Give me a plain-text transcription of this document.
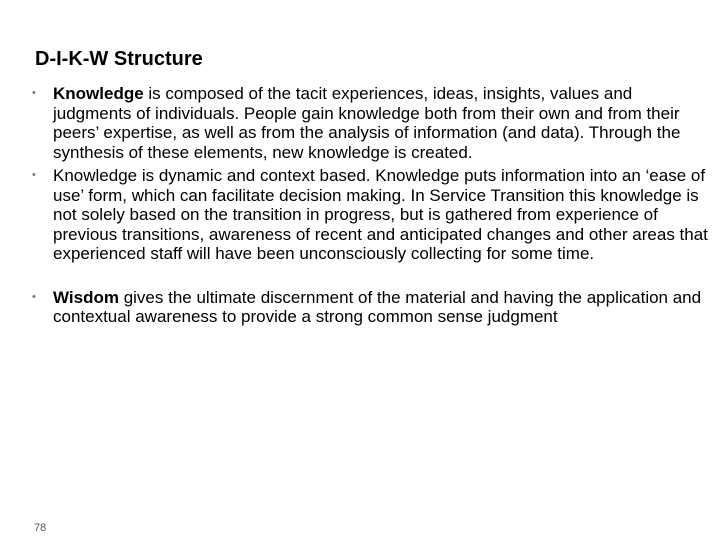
D-I-K-W Structure
•	Knowledge is composed of the tacit experiences, ideas, insights, values and judgments of individuals. People gain knowledge both from their own and from their peers’ expertise, as well as from the analysis of information (and data). Through the synthesis of these elements, new knowledge is created.
•	Knowledge is dynamic and context based. Knowledge puts information into an ‘ease of use’ form, which can facilitate decision making. In Service Transition this knowledge is not solely based on the transition in progress, but is gathered from experience of previous transitions, awareness of recent and anticipated changes and other areas that experienced staff will have been unconsciously collecting for some time.
•	Wisdom gives the ultimate discernment of the material and having the application and contextual awareness to provide a strong common sense judgment
78
